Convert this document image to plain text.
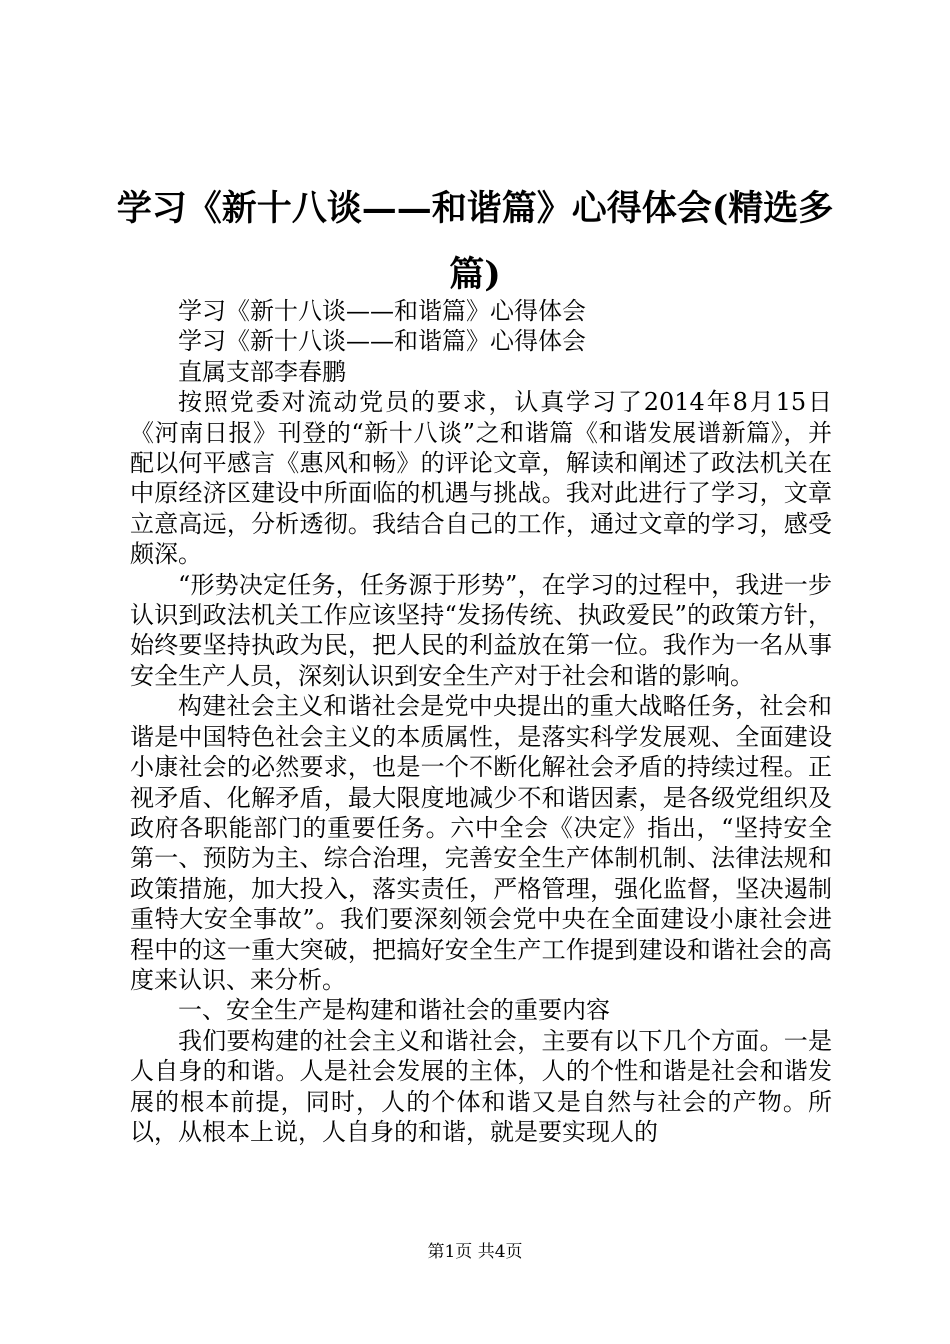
学习《新十八谈——和谐篇》心得体会(精选多篇)

学习《新十八谈——和谐篇》心得体会

学习《新十八谈——和谐篇》心得体会

直属支部李春鹏

按照党委对流动党员的要求，认真学习了2014年8月15日《河南日报》刊登的“新十八谈”之和谐篇《和谐发展谱新篇》，并配以何平感言《惠风和畅》的评论文章，解读和阐述了政法机关在中原经济区建设中所面临的机遇与挑战。我对此进行了学习，文章立意高远，分析透彻。我结合自己的工作，通过文章的学习，感受颇深。

“形势决定任务，任务源于形势”，在学习的过程中，我进一步认识到政法机关工作应该坚持“发扬传统、执政爱民”的政策方针，始终要坚持执政为民，把人民的利益放在第一位。我作为一名从事安全生产人员，深刻认识到安全生产对于社会和谐的影响。

构建社会主义和谐社会是党中央提出的重大战略任务，社会和谐是中国特色社会主义的本质属性，是落实科学发展观、全面建设小康社会的必然要求，也是一个不断化解社会矛盾的持续过程。正视矛盾、化解矛盾，最大限度地减少不和谐因素，是各级党组织及政府各职能部门的重要任务。六中全会《决定》指出，“坚持安全第一、预防为主、综合治理，完善安全生产体制机制、法律法规和政策措施，加大投入，落实责任，严格管理，强化监督，坚决遏制重特大安全事故”。我们要深刻领会党中央在全面建设小康社会进程中的这一重大突破，把搞好安全生产工作提到建设和谐社会的高度来认识、来分析。

一、安全生产是构建和谐社会的重要内容

我们要构建的社会主义和谐社会，主要有以下几个方面。一是人自身的和谐。人是社会发展的主体，人的个性和谐是社会和谐发展的根本前提，同时，人的个体和谐又是自然与社会的产物。所以，从根本上说，人自身的和谐，就是要实现人的

第1页 共4页
